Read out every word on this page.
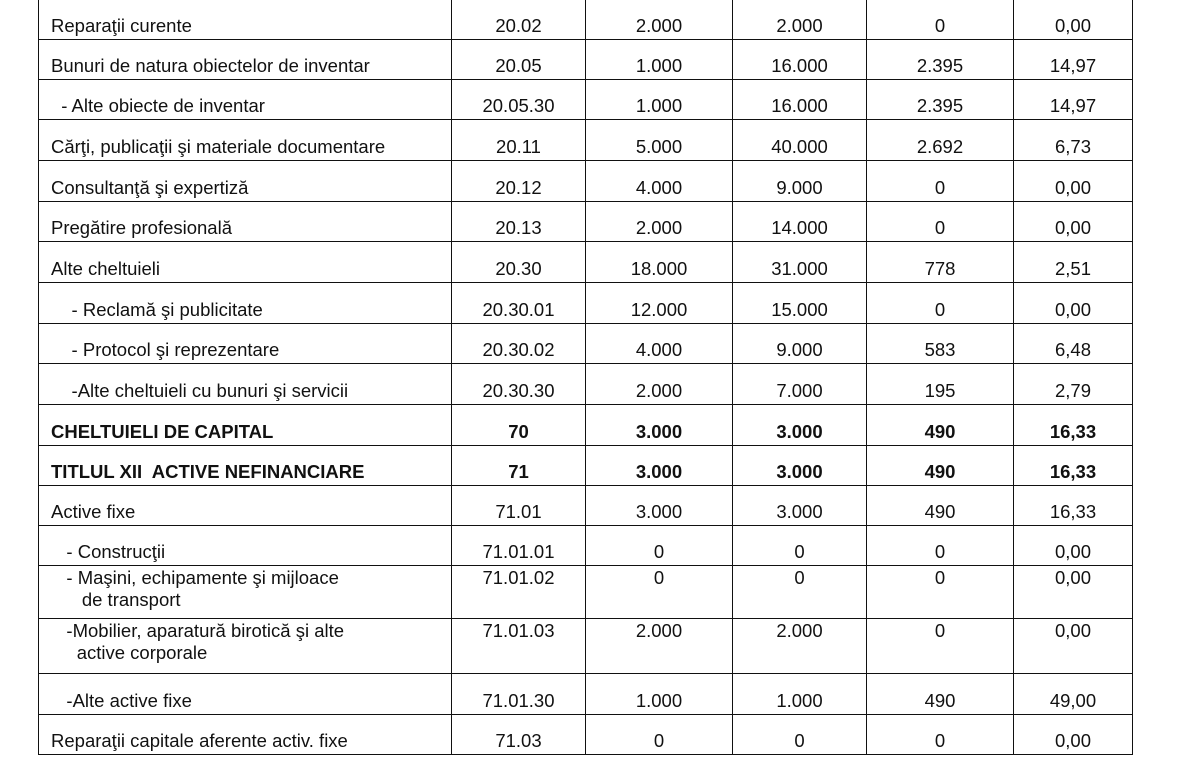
Reparaţii curente	20.02	2.000	2.000	0	0,00
Bunuri de natura obiectelor de inventar	20.05	1.000	16.000	2.395	14,97
- Alte obiecte de inventar	20.05.30	1.000	16.000	2.395	14,97
Cărţi, publicaţii şi materiale documentare	20.11	5.000	40.000	2.692	6,73
Consultanţă şi expertiză	20.12	4.000	9.000	0	0,00
Pregătire profesională	20.13	2.000	14.000	0	0,00
Alte cheltuieli	20.30	18.000	31.000	778	2,51
- Reclamă şi publicitate	20.30.01	12.000	15.000	0	0,00
- Protocol şi reprezentare	20.30.02	4.000	9.000	583	6,48
-Alte cheltuieli cu bunuri şi servicii	20.30.30	2.000	7.000	195	2,79
CHELTUIELI DE CAPITAL	70	3.000	3.000	490	16,33
TITLUL XII  ACTIVE NEFINANCIARE	71	3.000	3.000	490	16,33
Active fixe	71.01	3.000	3.000	490	16,33
- Construcţii	71.01.01	0	0	0	0,00
- Maşini, echipamente şi mijloace
de transport	71.01.02	0	0	0	0,00
-Mobilier, aparatură birotică şi alte
active corporale	71.01.03	2.000	2.000	0	0,00
-Alte active fixe	71.01.30	1.000	1.000	490	49,00
Reparaţii capitale aferente activ. fixe	71.03	0	0	0	0,00
